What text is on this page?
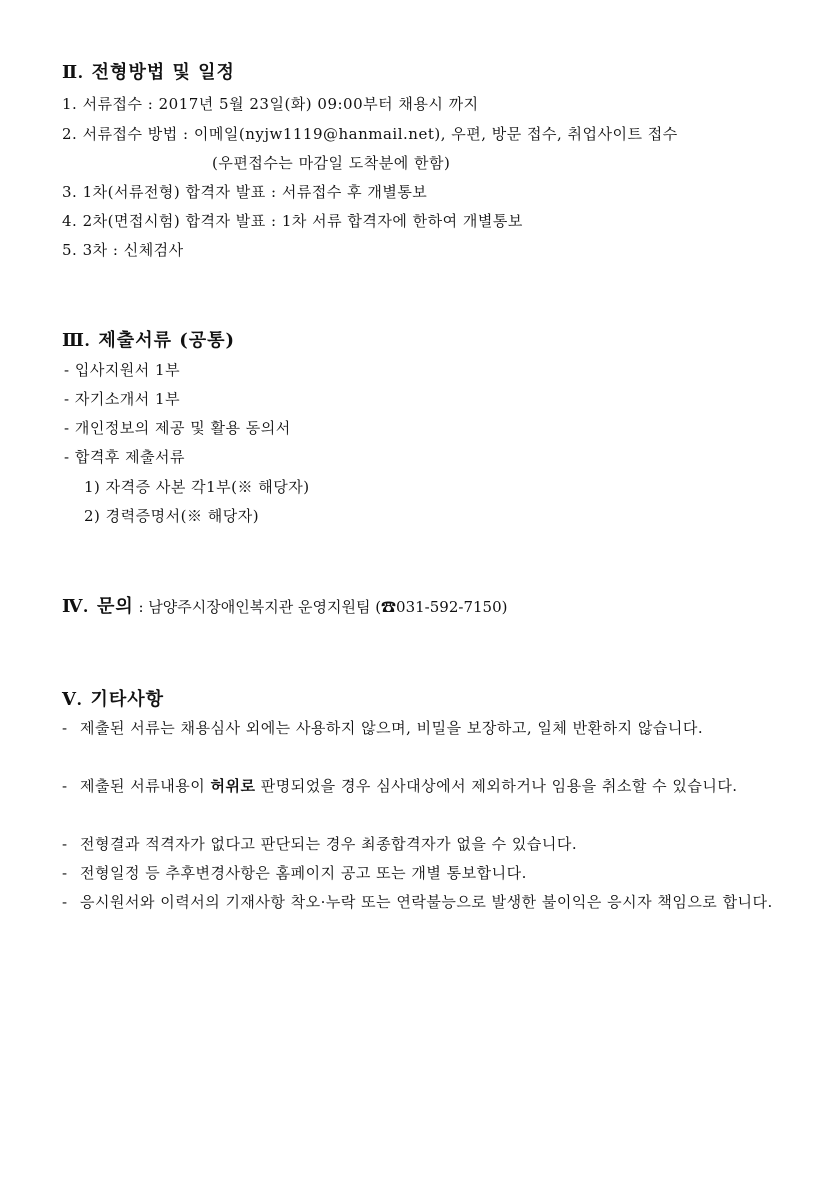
Ⅱ. 전형방법 및 일정
1. 서류접수 : 2017년 5월 23일(화) 09:00부터 채용시 까지
2. 서류접수 방법 : 이메일(nyjw1119@hanmail.net), 우편, 방문 접수, 취업사이트 접수
(우편접수는 마감일 도착분에 한함)
3. 1차(서류전형) 합격자 발표 : 서류접수 후 개별통보
4. 2차(면접시험) 합격자 발표 : 1차 서류 합격자에 한하여 개별통보
5. 3차 : 신체검사
Ⅲ. 제출서류 (공통)
- 입사지원서 1부
- 자기소개서 1부
- 개인정보의 제공 및 활용 동의서
- 합격후 제출서류
1) 자격증 사본 각1부(※ 해당자)
2) 경력증명서(※ 해당자)
Ⅳ. 문의 : 남양주시장애인복지관 운영지원팀 (☎031-592-7150)
Ⅴ. 기타사항
- 제출된 서류는 채용심사 외에는 사용하지 않으며, 비밀을 보장하고, 일체 반환하지 않습니다.
- 제출된 서류내용이 허위로 판명되었을 경우 심사대상에서 제외하거나 임용을 취소할 수 있습니다.
- 전형결과 적격자가 없다고 판단되는 경우 최종합격자가 없을 수 있습니다.
- 전형일정 등 추후변경사항은 홈페이지 공고 또는 개별 통보합니다.
- 응시원서와 이력서의 기재사항 착오·누락 또는 연락불능으로 발생한 불이익은 응시자 책임으로 합니다.
